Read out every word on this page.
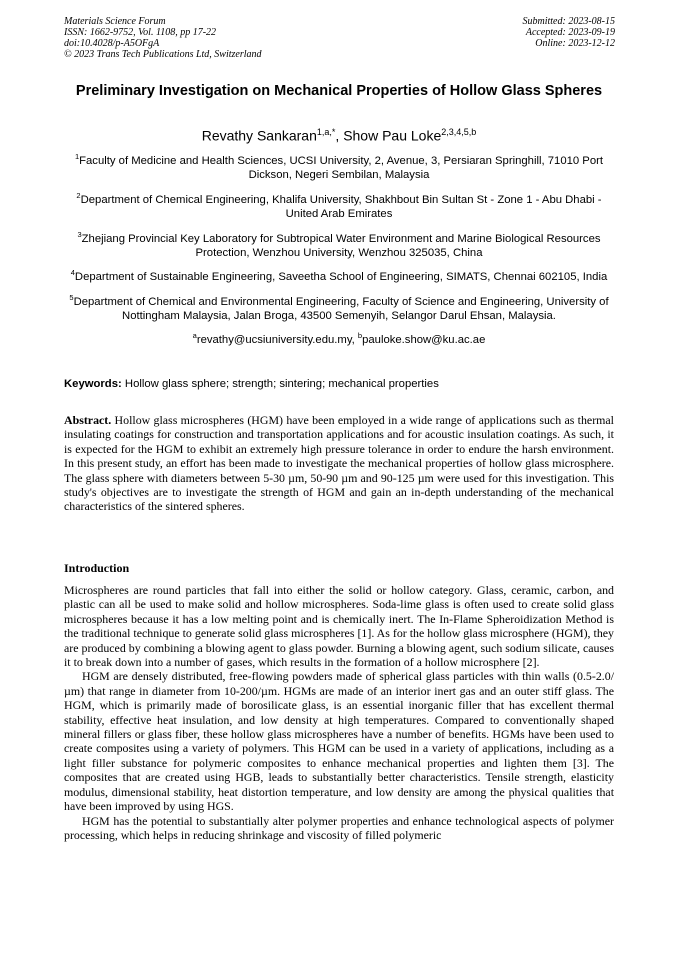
Materials Science Forum
ISSN: 1662-9752, Vol. 1108, pp 17-22
doi:10.4028/p-A5OFgA
© 2023 Trans Tech Publications Ltd, Switzerland
Submitted: 2023-08-15
Accepted: 2023-09-19
Online: 2023-12-12
Preliminary Investigation on Mechanical Properties of Hollow Glass Spheres
Revathy Sankaran$^{1,a,*}$, Show Pau Loke$^{2,3,4,5,b}$

$^1$Faculty of Medicine and Health Sciences, UCSI University, 2, Avenue, 3, Persiaran Springhill, 71010 Port Dickson, Negeri Sembilan, Malaysia

$^2$Department of Chemical Engineering, Khalifa University, Shakhbout Bin Sultan St - Zone 1 - Abu Dhabi - United Arab Emirates

$^3$Zhejiang Provincial Key Laboratory for Subtropical Water Environment and Marine Biological Resources Protection, Wenzhou University, Wenzhou 325035, China

$^4$Department of Sustainable Engineering, Saveetha School of Engineering, SIMATS, Chennai 602105, India

$^5$Department of Chemical and Environmental Engineering, Faculty of Science and Engineering, University of Nottingham Malaysia, Jalan Broga, 43500 Semenyih, Selangor Darul Ehsan, Malaysia.

$^a$revathy@ucsiuniversity.edu.my, $^b$pauloke.show@ku.ac.ae

Keywords: Hollow glass sphere; strength; sintering; mechanical properties

Abstract. Hollow glass microspheres (HGM) have been employed in a wide range of applications such as thermal insulating coatings for construction and transportation applications and for acoustic insulation coatings. As such, it is expected for the HGM to exhibit an extremely high pressure tolerance in order to endure the harsh environment. In this present study, an effort has been made to investigate the mechanical properties of hollow glass microsphere. The glass sphere with diameters between 5-30 µm, 50-90 µm and 90-125 µm were used for this investigation. This study's objectives are to investigate the strength of HGM and gain an in-depth understanding of the mechanical characteristics of the sintered spheres.

Introduction

Microspheres are round particles that fall into either the solid or hollow category. Glass, ceramic, carbon, and plastic can all be used to make solid and hollow microspheres. Soda-lime glass is often used to create solid glass microspheres because it has a low melting point and is chemically inert. The In-Flame Spheroidization Method is the traditional technique to generate solid glass microspheres [1]. As for the hollow glass microsphere (HGM), they are produced by combining a blowing agent to glass powder. Burning a blowing agent, such sodium silicate, causes it to break down into a number of gases, which results in the formation of a hollow microsphere [2].

HGM are densely distributed, free-flowing powders made of spherical glass particles with thin walls (0.5-2.0/µm) that range in diameter from 10-200/µm. HGMs are made of an interior inert gas and an outer stiff glass. The HGM, which is primarily made of borosilicate glass, is an essential inorganic filler that has excellent thermal stability, effective heat insulation, and low density at high temperatures. Compared to conventionally shaped mineral fillers or glass fiber, these hollow glass microspheres have a number of benefits. HGMs have been used to create composites using a variety of polymers. This HGM can be used in a variety of applications, including as a light filler substance for polymeric composites to enhance mechanical properties and lighten them [3]. The composites that are created using HGB, leads to substantially better characteristics. Tensile strength, elasticity modulus, dimensional stability, heat distortion temperature, and low density are among the physical qualities that have been improved by using HGS.

HGM has the potential to substantially alter polymer properties and enhance technological aspects of polymer processing, which helps in reducing shrinkage and viscosity of filled polymeric
